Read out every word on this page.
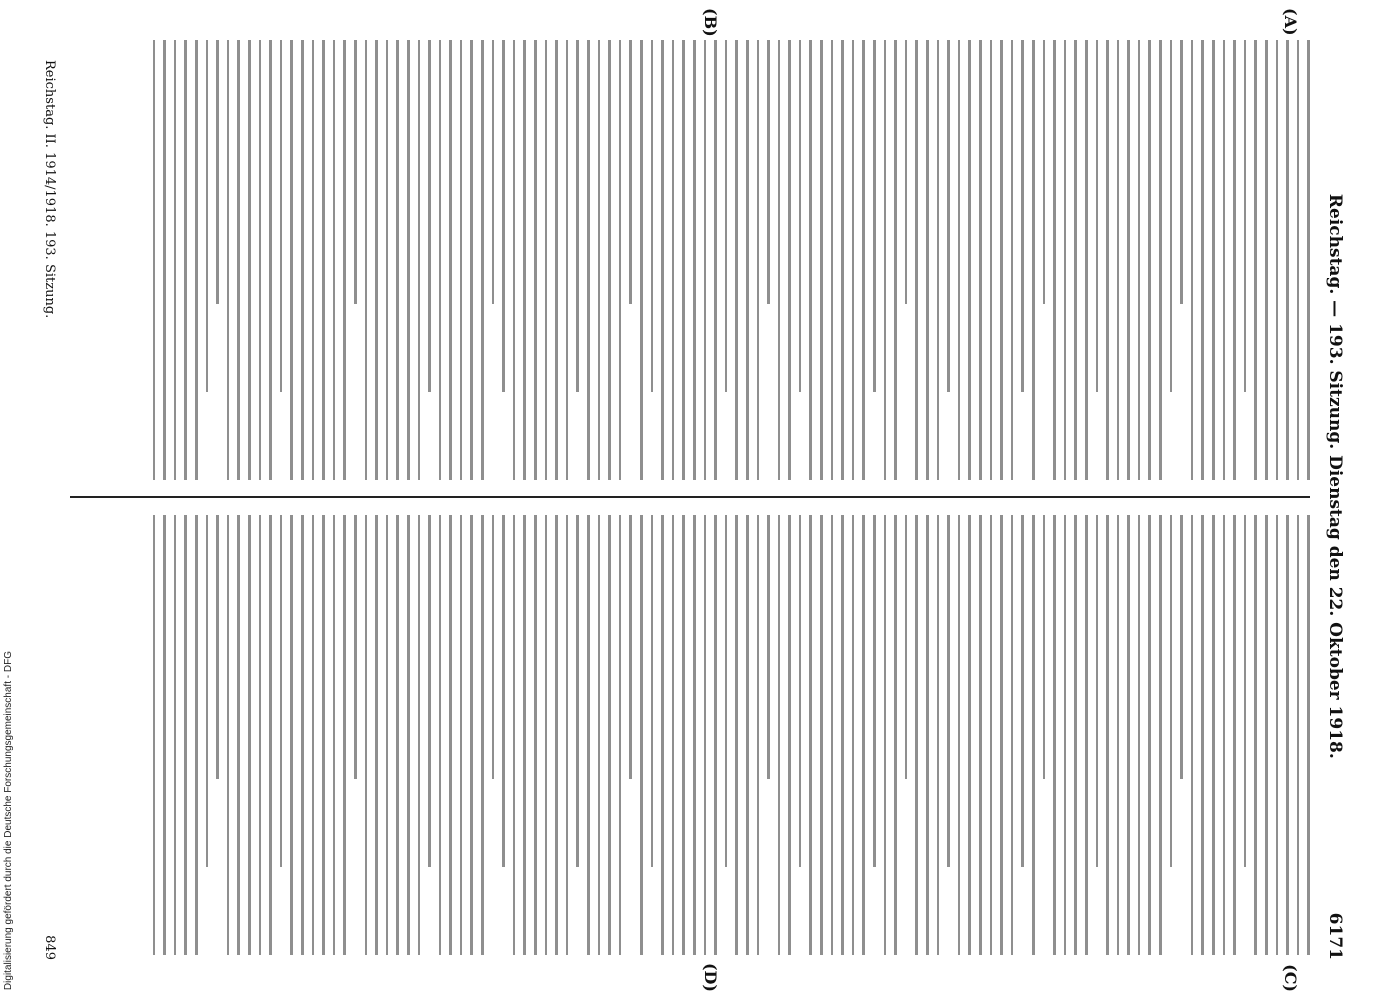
Digitalisierung gefördert durch die Deutsche Forschungsgemeinschaft - DFG
Reichstag. — 193. Sitzung. Dienstag den 22. Oktober 1918.
6171
(A)
(B)
(C)
(D)
Reichstag. II. 1914/1918. 193. Sitzung.
849
